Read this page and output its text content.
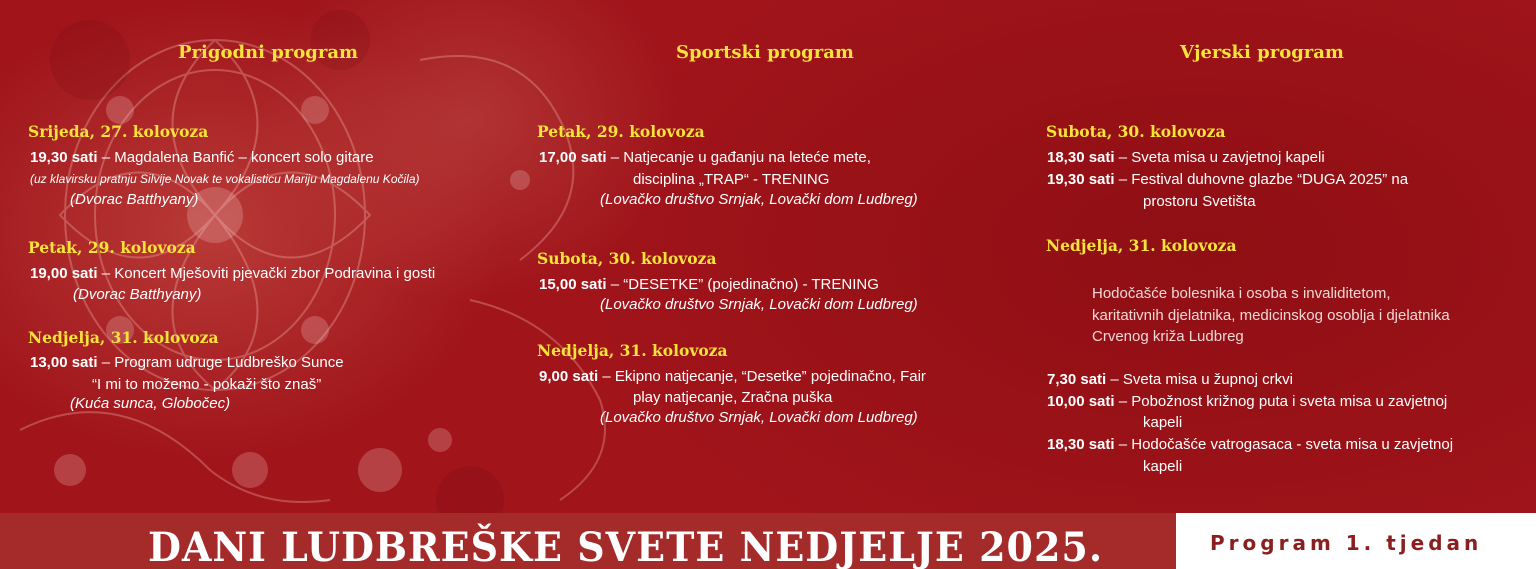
Prigodni program	Sportski program	Vjerski program
Srijeda, 27. kolovoza
19,30 sati – Magdalena Banfić – koncert solo gitare
(uz klavirsku pratnju Silvije Novak te vokalisticu Mariju Magdalenu Kočila)
(Dvorac Batthyany)
Petak, 29. kolovoza
19,00 sati – Koncert Mješoviti pjevački zbor Podravina i gosti
(Dvorac Batthyany)
Nedjelja, 31. kolovoza
13,00 sati – Program udruge Ludbreško Sunce
“I mi to možemo - pokaži što znaš”
(Kuća sunca, Globočec)
Petak, 29. kolovoza
17,00 sati – Natjecanje u gađanju na leteće mete,
disciplina „TRAP“ - TRENING
(Lovačko društvo Srnjak, Lovački dom Ludbreg)
Subota, 30. kolovoza
15,00 sati – “DESETKE” (pojedinačno) - TRENING
(Lovačko društvo Srnjak, Lovački dom Ludbreg)
Nedjelja, 31. kolovoza
9,00 sati – Ekipno natjecanje, “Desetke” pojedinačno, Fair
play natjecanje, Zračna puška
(Lovačko društvo Srnjak, Lovački dom Ludbreg)
Subota, 30. kolovoza
18,30 sati – Sveta misa u zavjetnoj kapeli
19,30 sati – Festival duhovne glazbe “DUGA 2025” na
prostoru Svetišta
Nedjelja, 31. kolovoza
Hodočašće bolesnika i osoba s invaliditetom,
karitativnih djelatnika, medicinskog osoblja i djelatnika
Crvenog križa Ludbreg
7,30 sati – Sveta misa u župnoj crkvi
10,00 sati – Pobožnost križnog puta i sveta misa u zavjetnoj
kapeli
18,30 sati – Hodočašće vatrogasaca - sveta misa u zavjetnoj
kapeli
DANI LUDBREŠKE SVETE NEDJELJE 2025.	Program 1. tjedan
